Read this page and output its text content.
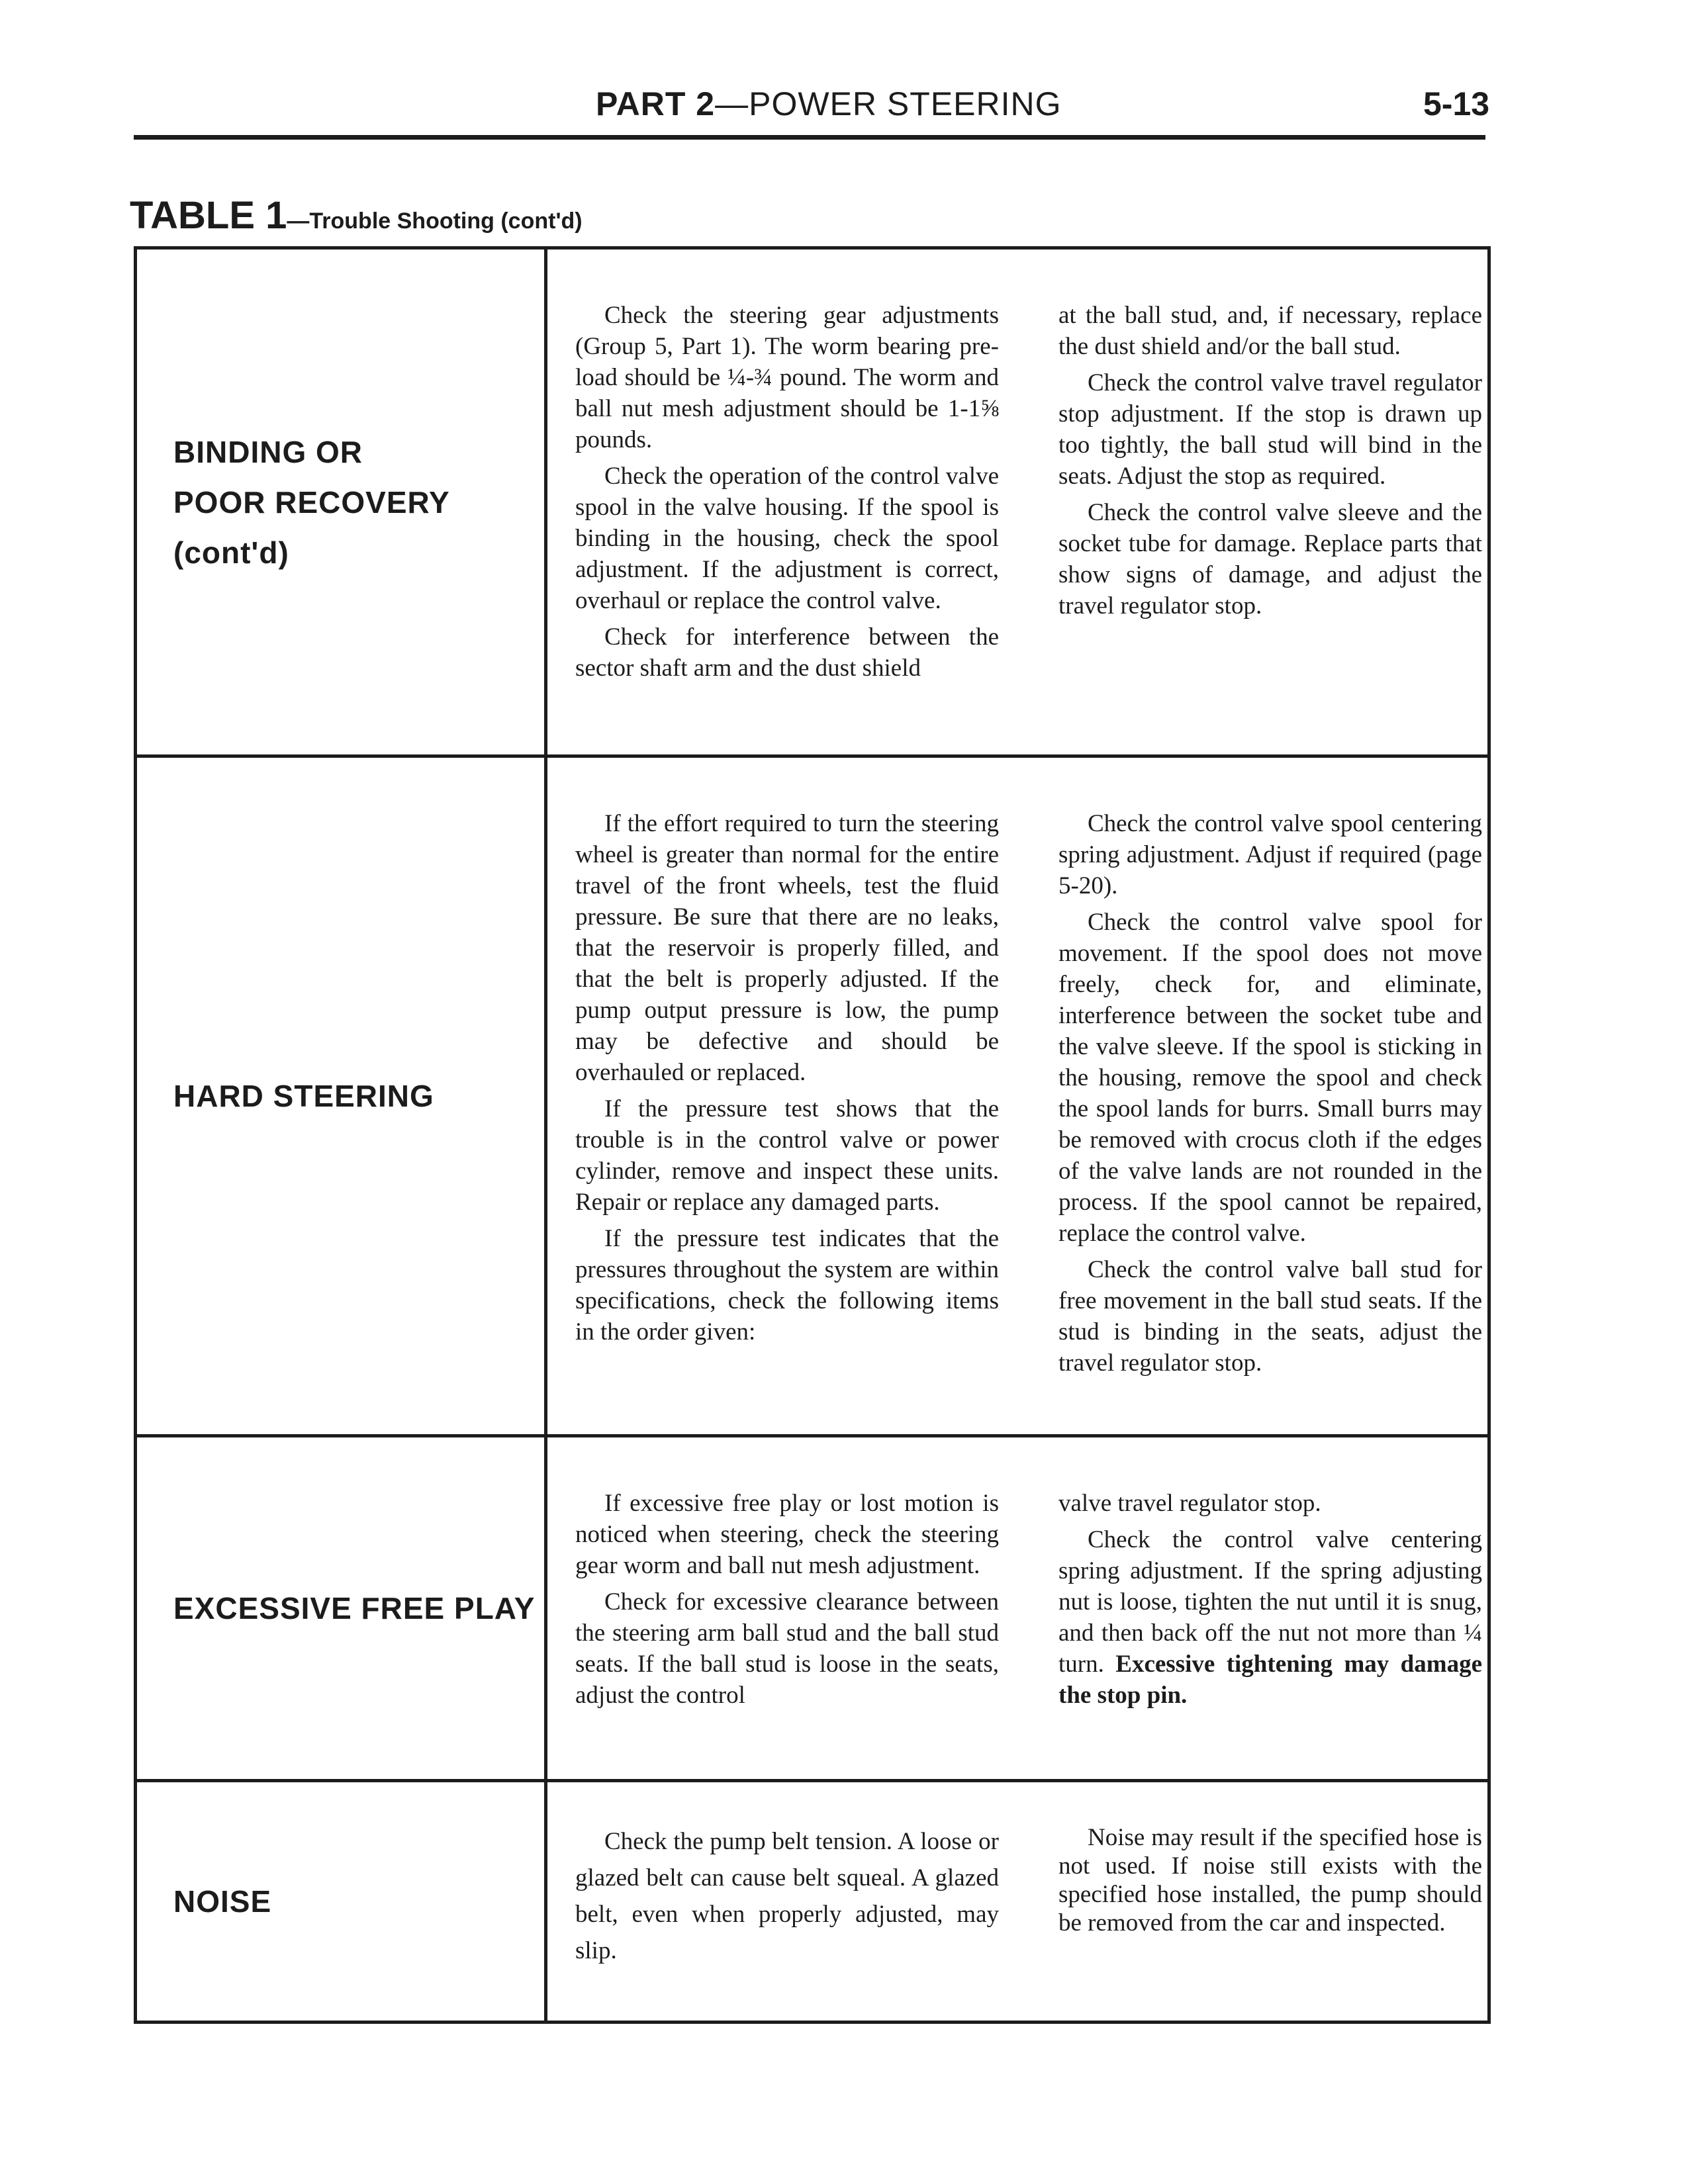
PART 2—POWER STEERING	5-13
TABLE 1—Trouble Shooting (cont'd)
BINDING OR
POOR RECOVERY
(cont'd)

Check the steering gear adjustments (Group 5, Part 1). The worm bearing pre-load should be ¼-¾ pound. The worm and ball nut mesh adjustment should be 1-1⅝ pounds.

Check the operation of the control valve spool in the valve housing. If the spool is binding in the housing, check the spool adjustment. If the adjustment is correct, overhaul or replace the control valve.

Check for interference between the sector shaft arm and the dust shield

at the ball stud, and, if necessary, replace the dust shield and/or the ball stud.

Check the control valve travel regulator stop adjustment. If the stop is drawn up too tightly, the ball stud will bind in the seats. Adjust the stop as required.

Check the control valve sleeve and the socket tube for damage. Replace parts that show signs of damage, and adjust the travel regulator stop.

HARD STEERING

If the effort required to turn the steering wheel is greater than normal for the entire travel of the front wheels, test the fluid pressure. Be sure that there are no leaks, that the reservoir is properly filled, and that the belt is properly adjusted. If the pump output pressure is low, the pump may be defective and should be overhauled or replaced.

If the pressure test shows that the trouble is in the control valve or power cylinder, remove and inspect these units. Repair or replace any damaged parts.

If the pressure test indicates that the pressures throughout the system are within specifications, check the following items in the order given:

Check the control valve spool centering spring adjustment. Adjust if required (page 5-20).

Check the control valve spool for movement. If the spool does not move freely, check for, and eliminate, interference between the socket tube and the valve sleeve. If the spool is sticking in the housing, remove the spool and check the spool lands for burrs. Small burrs may be removed with crocus cloth if the edges of the valve lands are not rounded in the process. If the spool cannot be repaired, replace the control valve.

Check the control valve ball stud for free movement in the ball stud seats. If the stud is binding in the seats, adjust the travel regulator stop.

EXCESSIVE FREE PLAY

If excessive free play or lost motion is noticed when steering, check the steering gear worm and ball nut mesh adjustment.

Check for excessive clearance between the steering arm ball stud and the ball stud seats. If the ball stud is loose in the seats, adjust the control

valve travel regulator stop.

Check the control valve centering spring adjustment. If the spring adjusting nut is loose, tighten the nut until it is snug, and then back off the nut not more than ¼ turn. Excessive tightening may damage the stop pin.

NOISE

Check the pump belt tension. A loose or glazed belt can cause belt squeal. A glazed belt, even when properly adjusted, may slip.

Noise may result if the specified hose is not used. If noise still exists with the specified hose installed, the pump should be removed from the car and inspected.
